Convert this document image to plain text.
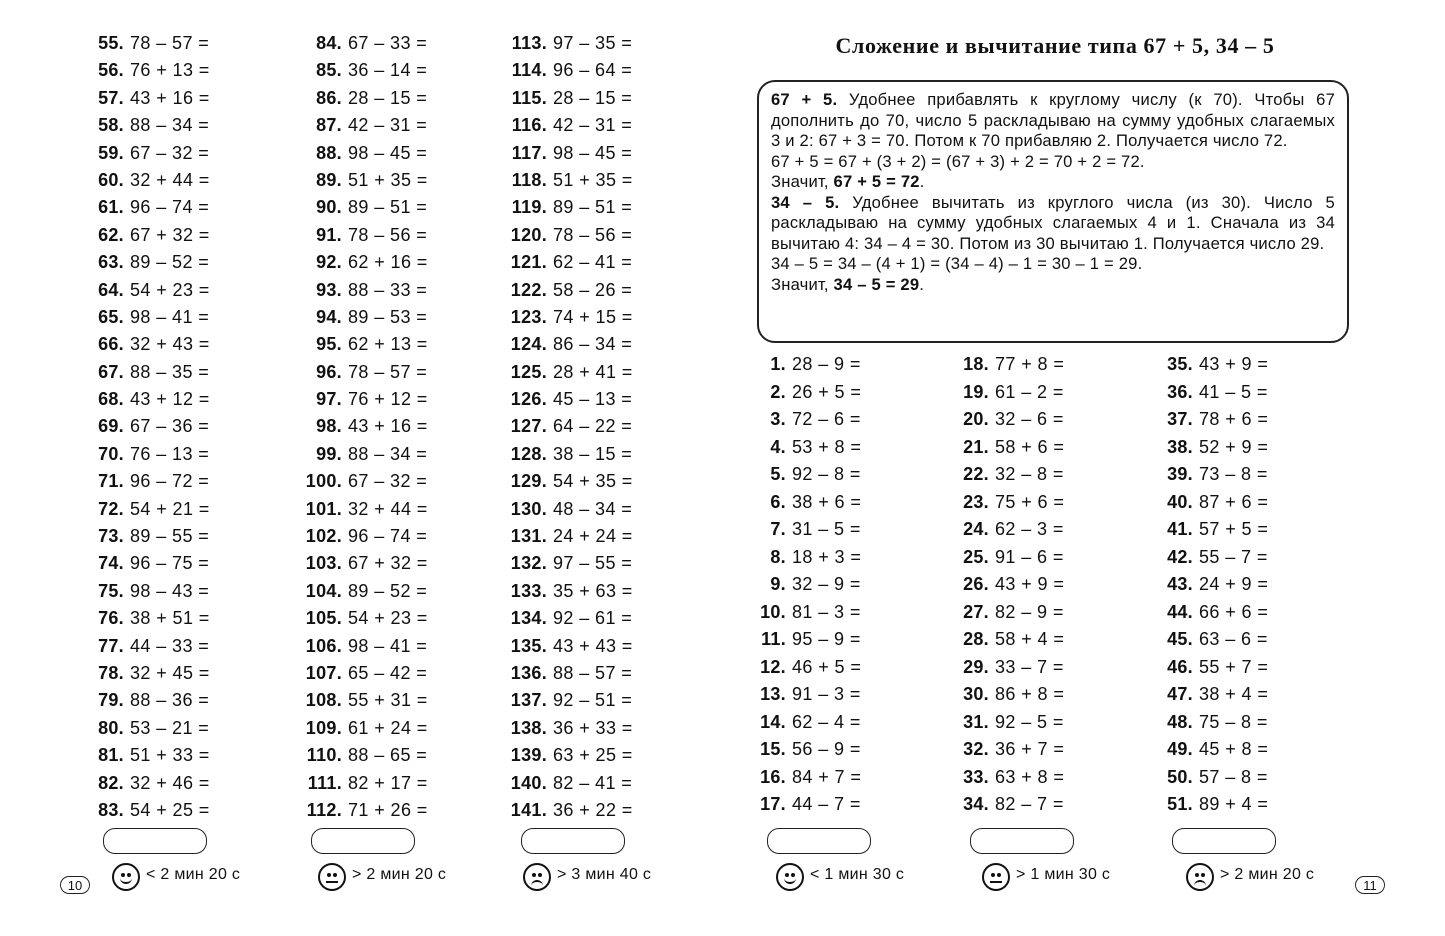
55. 78 – 57 =
56. 76 + 13 =
57. 43 + 16 =
58. 88 – 34 =
59. 67 – 32 =
60. 32 + 44 =
61. 96 – 74 =
62. 67 + 32 =
63. 89 – 52 =
64. 54 + 23 =
65. 98 – 41 =
66. 32 + 43 =
67. 88 – 35 =
68. 43 + 12 =
69. 67 – 36 =
70. 76 – 13 =
71. 96 – 72 =
72. 54 + 21 =
73. 89 – 55 =
74. 96 – 75 =
75. 98 – 43 =
76. 38 + 51 =
77. 44 – 33 =
78. 32 + 45 =
79. 88 – 36 =
80. 53 – 21 =
81. 51 + 33 =
82. 32 + 46 =
83. 54 + 25 =
84. 67 – 33 =
85. 36 – 14 =
86. 28 – 15 =
87. 42 – 31 =
88. 98 – 45 =
89. 51 + 35 =
90. 89 – 51 =
91. 78 – 56 =
92. 62 + 16 =
93. 88 – 33 =
94. 89 – 53 =
95. 62 + 13 =
96. 78 – 57 =
97. 76 + 12 =
98. 43 + 16 =
99. 88 – 34 =
100. 67 – 32 =
101. 32 + 44 =
102. 96 – 74 =
103. 67 + 32 =
104. 89 – 52 =
105. 54 + 23 =
106. 98 – 41 =
107. 65 – 42 =
108. 55 + 31 =
109. 61 + 24 =
110. 88 – 65 =
111. 82 + 17 =
112. 71 + 26 =
113. 97 – 35 =
114. 96 – 64 =
115. 28 – 15 =
116. 42 – 31 =
117. 98 – 45 =
118. 51 + 35 =
119. 89 – 51 =
120. 78 – 56 =
121. 62 – 41 =
122. 58 – 26 =
123. 74 + 15 =
124. 86 – 34 =
125. 28 + 41 =
126. 45 – 13 =
127. 64 – 22 =
128. 38 – 15 =
129. 54 + 35 =
130. 48 – 34 =
131. 24 + 24 =
132. 97 – 55 =
133. 35 + 63 =
134. 92 – 61 =
135. 43 + 43 =
136. 88 – 57 =
137. 92 – 51 =
138. 36 + 33 =
139. 63 + 25 =
140. 82 – 41 =
141. 36 + 22 =
< 2 мин 20 с	> 2 мин 20 с	> 3 мин 40 с
10
Сложение и вычитание типа 67 + 5, 34 – 5

67 + 5. Удобнее прибавлять к круглому числу (к 70). Чтобы 67 дополнить до 70, число 5 раскладываю на сумму удобных слагаемых 3 и 2: 67 + 3 = 70. Потом к 70 прибавляю 2. Получается число 72.

67 + 5 = 67 + (3 + 2) = (67 + 3) + 2 = 70 + 2 = 72.

Значит, 67 + 5 = 72.

34 – 5. Удобнее вычитать из круглого числа (из 30). Число 5 раскладываю на сумму удобных слагаемых 4 и 1. Сначала из 34 вычитаю 4: 34 – 4 = 30. Потом из 30 вычитаю 1. Получается число 29.

34 – 5 = 34 – (4 + 1) = (34 – 4) – 1 = 30 – 1 = 29.

Значит, 34 – 5 = 29.

1. 28 – 9 =
2. 26 + 5 =
3. 72 – 6 =
4. 53 + 8 =
5. 92 – 8 =
6. 38 + 6 =
7. 31 – 5 =
8. 18 + 3 =
9. 32 – 9 =
10. 81 – 3 =
11. 95 – 9 =
12. 46 + 5 =
13. 91 – 3 =
14. 62 – 4 =
15. 56 – 9 =
16. 84 + 7 =
17. 44 – 7 =
18. 77 + 8 =
19. 61 – 2 =
20. 32 – 6 =
21. 58 + 6 =
22. 32 – 8 =
23. 75 + 6 =
24. 62 – 3 =
25. 91 – 6 =
26. 43 + 9 =
27. 82 – 9 =
28. 58 + 4 =
29. 33 – 7 =
30. 86 + 8 =
31. 92 – 5 =
32. 36 + 7 =
33. 63 + 8 =
34. 82 – 7 =
35. 43 + 9 =
36. 41 – 5 =
37. 78 + 6 =
38. 52 + 9 =
39. 73 – 8 =
40. 87 + 6 =
41. 57 + 5 =
42. 55 – 7 =
43. 24 + 9 =
44. 66 + 6 =
45. 63 – 6 =
46. 55 + 7 =
47. 38 + 4 =
48. 75 – 8 =
49. 45 + 8 =
50. 57 – 8 =
51. 89 + 4 =
< 1 мин 30 с	> 1 мин 30 с	> 2 мин 20 с
11
